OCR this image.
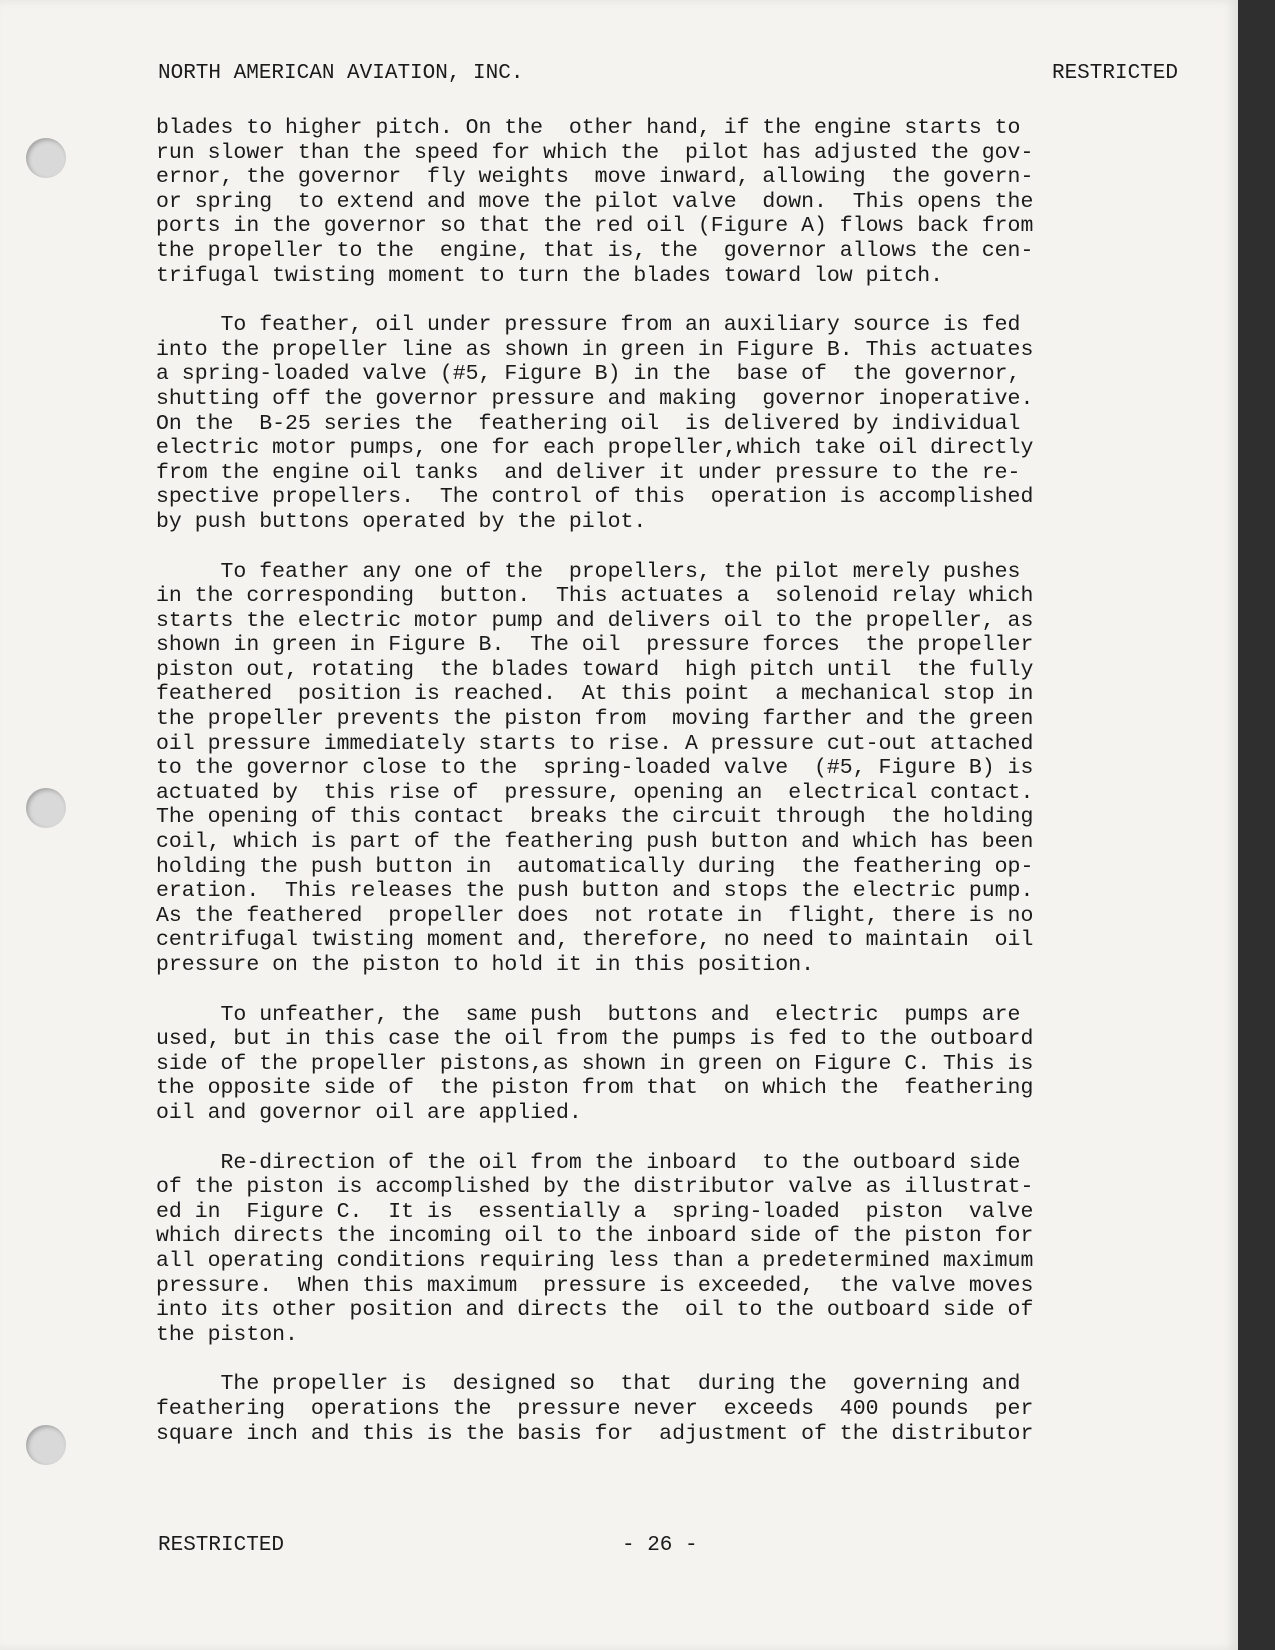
NORTH AMERICAN AVIATION, INC.	RESTRICTED
blades to higher pitch. On the  other hand, if the engine starts to
run slower than the speed for which the  pilot has adjusted the gov-
ernor, the governor  fly weights  move inward, allowing  the govern-
or spring  to extend and move the pilot valve  down.  This opens the
ports in the governor so that the red oil (Figure A) flows back from
the propeller to the  engine, that is, the  governor allows the cen-
trifugal twisting moment to turn the blades toward low pitch.
To feather, oil under pressure from an auxiliary source is fed
into the propeller line as shown in green in Figure B. This actuates
a spring-loaded valve (#5, Figure B) in the  base of  the governor,
shutting off the governor pressure and making  governor inoperative.
On the  B-25 series the  feathering oil  is delivered by individual
electric motor pumps, one for each propeller,which take oil directly
from the engine oil tanks  and deliver it under pressure to the re-
spective propellers.  The control of this  operation is accomplished
by push buttons operated by the pilot.
To feather any one of the  propellers, the pilot merely pushes
in the corresponding  button.  This actuates a  solenoid relay which
starts the electric motor pump and delivers oil to the propeller, as
shown in green in Figure B.  The oil  pressure forces  the propeller
piston out, rotating  the blades toward  high pitch until  the fully
feathered  position is reached.  At this point  a mechanical stop in
the propeller prevents the piston from  moving farther and the green
oil pressure immediately starts to rise. A pressure cut-out attached
to the governor close to the  spring-loaded valve  (#5, Figure B) is
actuated by  this rise of  pressure, opening an  electrical contact.
The opening of this contact  breaks the circuit through  the holding
coil, which is part of the feathering push button and which has been
holding the push button in  automatically during  the feathering op-
eration.  This releases the push button and stops the electric pump.
As the feathered  propeller does  not rotate in  flight, there is no
centrifugal twisting moment and, therefore, no need to maintain  oil
pressure on the piston to hold it in this position.
To unfeather, the  same push  buttons and  electric  pumps are
used, but in this case the oil from the pumps is fed to the outboard
side of the propeller pistons,as shown in green on Figure C. This is
the opposite side of  the piston from that  on which the  feathering
oil and governor oil are applied.
Re-direction of the oil from the inboard  to the outboard side
of the piston is accomplished by the distributor valve as illustrat-
ed in  Figure C.  It is  essentially a  spring-loaded  piston  valve
which directs the incoming oil to the inboard side of the piston for
all operating conditions requiring less than a predetermined maximum
pressure.  When this maximum  pressure is exceeded,  the valve moves
into its other position and directs the  oil to the outboard side of
the piston.
The propeller is  designed so  that  during the  governing and
feathering  operations the  pressure never  exceeds  400 pounds  per
square inch and this is the basis for  adjustment of the distributor
RESTRICTED	- 26 -
